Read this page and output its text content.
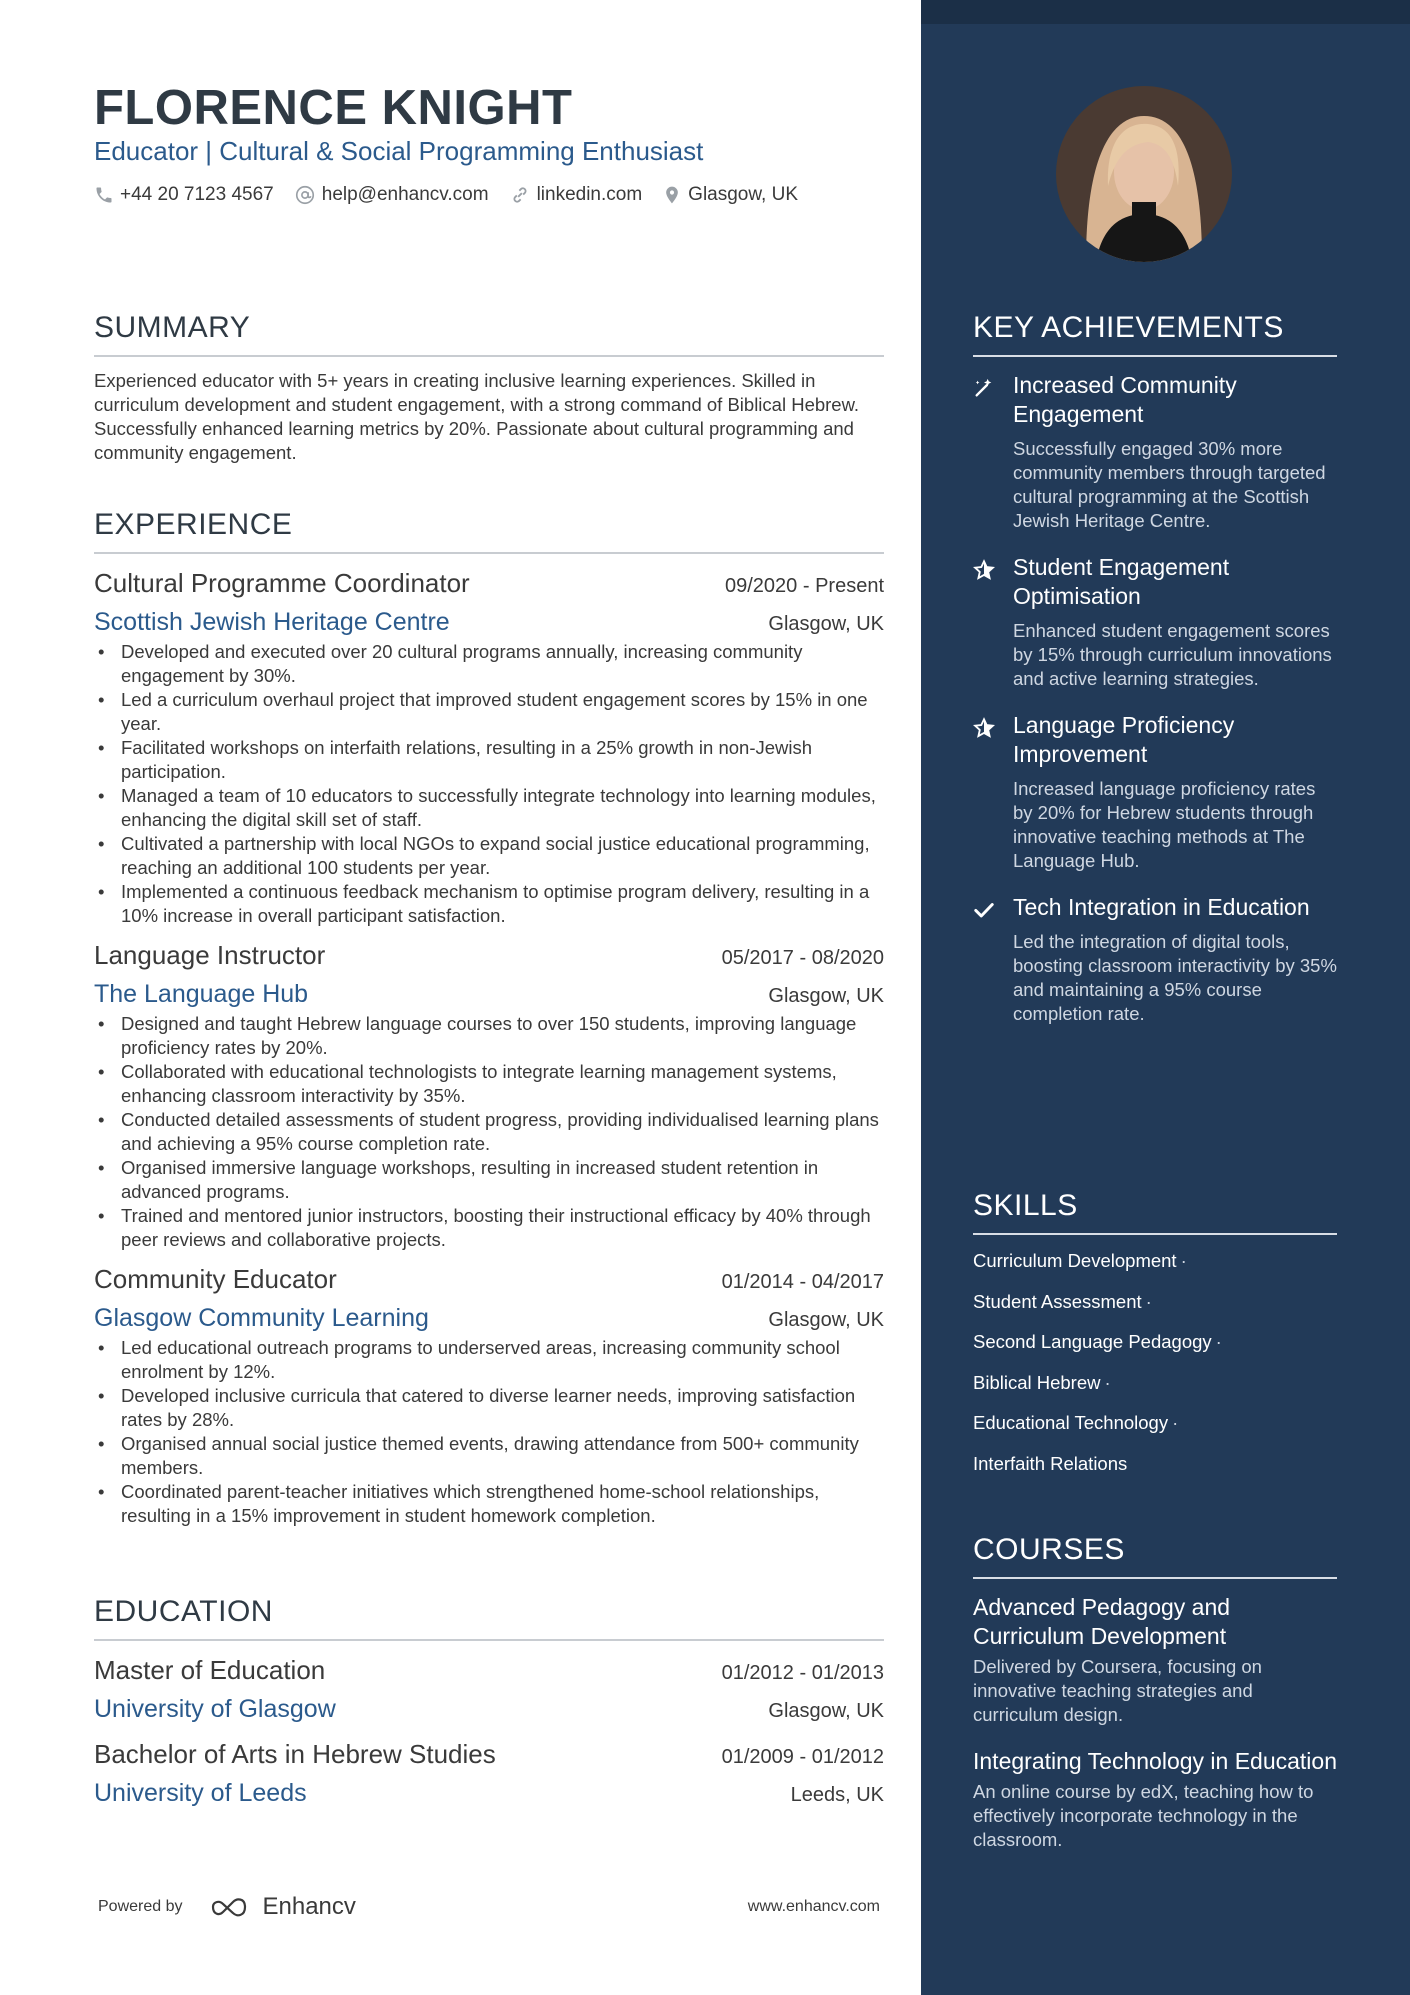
FLORENCE KNIGHT
Educator | Cultural & Social Programming Enthusiast
+44 20 7123 4567	help@enhancv.com	linkedin.com Glasgow, UK
SUMMARY
Experienced educator with 5+ years in creating inclusive learning experiences. Skilled in curriculum development and student engagement, with a strong command of Biblical Hebrew. Successfully enhanced learning metrics by 20%. Passionate about cultural programming and community engagement.
EXPERIENCE
Cultural Programme Coordinator	09/2020 - Present
Scottish Jewish Heritage Centre	Glasgow, UK
• Developed and executed over 20 cultural programs annually, increasing community engagement by 30%.
• Led a curriculum overhaul project that improved student engagement scores by 15% in one year.
• Facilitated workshops on interfaith relations, resulting in a 25% growth in non-Jewish participation.
• Managed a team of 10 educators to successfully integrate technology into learning modules, enhancing the digital skill set of staff.
• Cultivated a partnership with local NGOs to expand social justice educational programming, reaching an additional 100 students per year.
• Implemented a continuous feedback mechanism to optimise program delivery, resulting in a 10% increase in overall participant satisfaction.
Language Instructor	05/2017 - 08/2020
The Language Hub	Glasgow, UK
• Designed and taught Hebrew language courses to over 150 students, improving language proficiency rates by 20%.
• Collaborated with educational technologists to integrate learning management systems, enhancing classroom interactivity by 35%.
• Conducted detailed assessments of student progress, providing individualised learning plans and achieving a 95% course completion rate.
• Organised immersive language workshops, resulting in increased student retention in advanced programs.
• Trained and mentored junior instructors, boosting their instructional efficacy by 40% through peer reviews and collaborative projects.
Community Educator	01/2014 - 04/2017
Glasgow Community Learning	Glasgow, UK
• Led educational outreach programs to underserved areas, increasing community school enrolment by 12%.
• Developed inclusive curricula that catered to diverse learner needs, improving satisfaction rates by 28%.
• Organised annual social justice themed events, drawing attendance from 500+ community members.
• Coordinated parent-teacher initiatives which strengthened home-school relationships, resulting in a 15% improvement in student homework completion.
EDUCATION
Master of Education	01/2012 - 01/2013
University of Glasgow	Glasgow, UK
Bachelor of Arts in Hebrew Studies	01/2009 - 01/2012
University of Leeds	Leeds, UK
Powered by	Enhancv	www.enhancv.com
KEY ACHIEVEMENTS
Increased Community Engagement
Successfully engaged 30% more community members through targeted cultural programming at the Scottish Jewish Heritage Centre.
Student Engagement Optimisation
Enhanced student engagement scores by 15% through curriculum innovations and active learning strategies.
Language Proficiency Improvement
Increased language proficiency rates by 20% for Hebrew students through innovative teaching methods at The Language Hub.
Tech Integration in Education
Led the integration of digital tools, boosting classroom interactivity by 35% and maintaining a 95% course completion rate.
SKILLS
Curriculum Development ·
Student Assessment ·
Second Language Pedagogy ·
Biblical Hebrew ·
Educational Technology ·
Interfaith Relations
COURSES
Advanced Pedagogy and Curriculum Development
Delivered by Coursera, focusing on innovative teaching strategies and curriculum design.
Integrating Technology in Education
An online course by edX, teaching how to effectively incorporate technology in the classroom.
